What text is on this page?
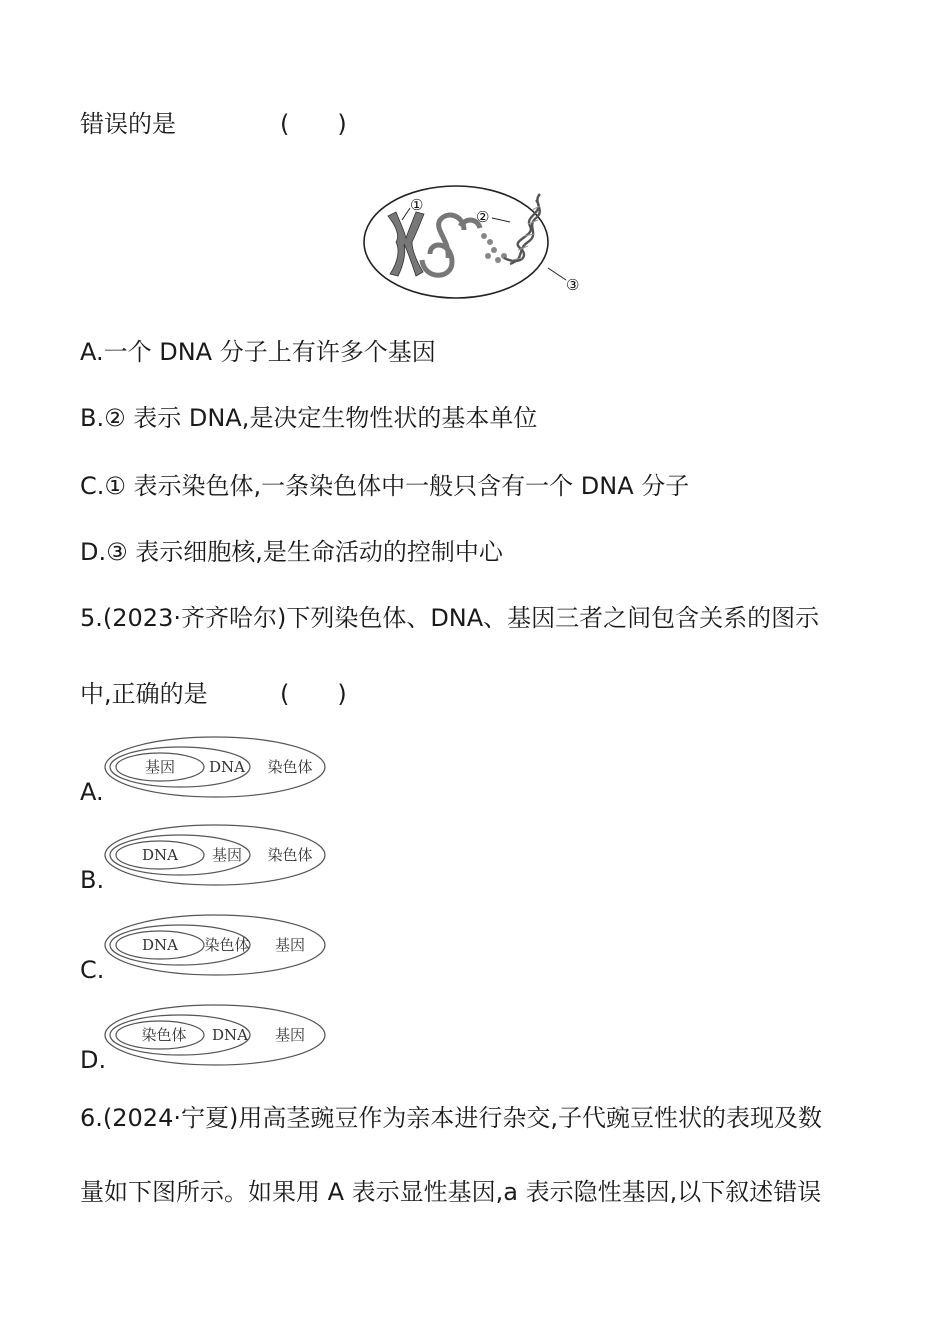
错误的是	(　　)
①
②
③
A.一个 DNA 分子上有许多个基因
B.② 表示 DNA,是决定生物性状的基本单位
C.① 表示染色体,一条染色体中一般只含有一个 DNA 分子
D.③ 表示细胞核,是生命活动的控制中心
5.(2023·齐齐哈尔)下列染色体、DNA、基因三者之间包含关系的图示
中,正确的是	(　　)
A.
基因 DNA 染色体
B.
DNA 基因 染色体
C.
DNA 染色体 基因
D.
染色体 DNA 基因
6.(2024·宁夏)用高茎豌豆作为亲本进行杂交,子代豌豆性状的表现及数
量如下图所示。如果用 A 表示显性基因,a 表示隐性基因,以下叙述错误
